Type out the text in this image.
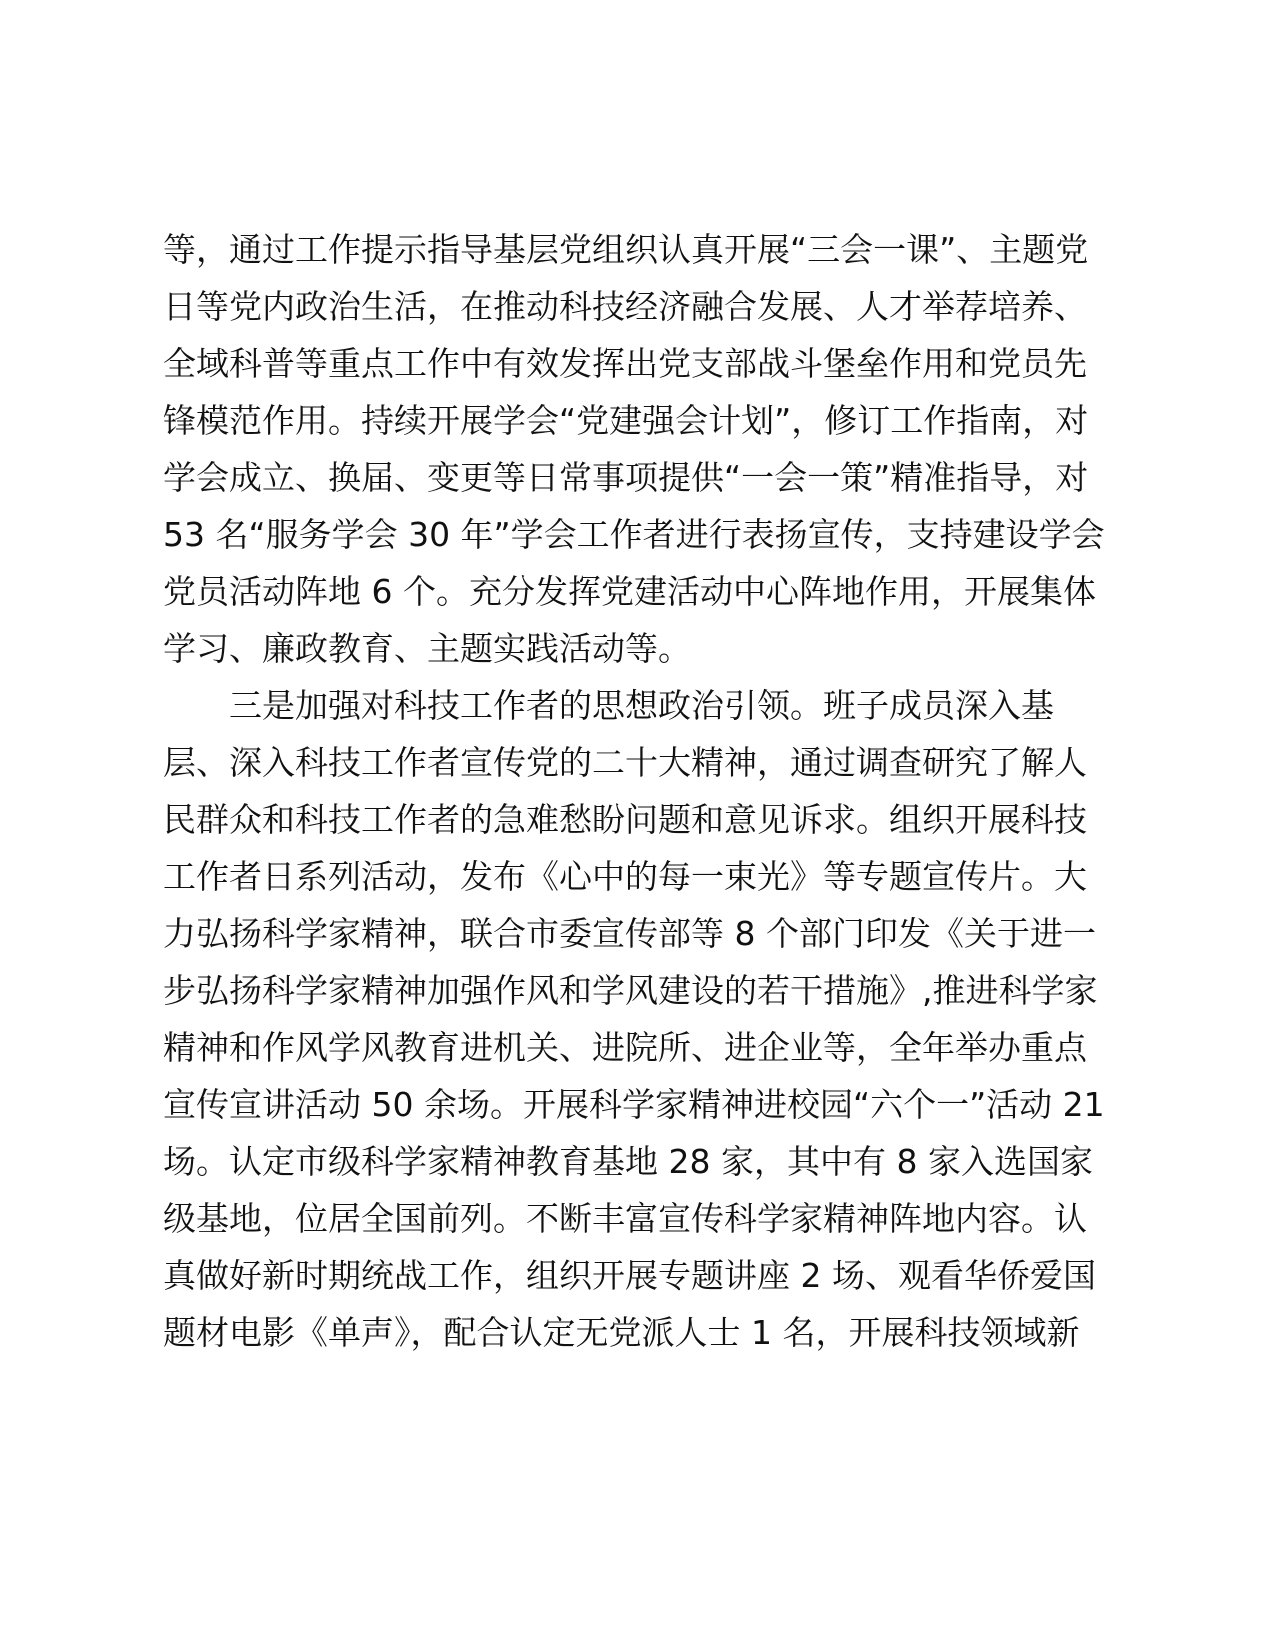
等，通过工作提示指导基层党组织认真开展“三会一课”、主题党
日等党内政治生活，在推动科技经济融合发展、人才举荐培养、
全域科普等重点工作中有效发挥出党支部战斗堡垒作用和党员先
锋模范作用。持续开展学会“党建强会计划”，修订工作指南，对
学会成立、换届、变更等日常事项提供“一会一策”精准指导，对
53 名“服务学会 30 年”学会工作者进行表扬宣传，支持建设学会
党员活动阵地 6 个。充分发挥党建活动中心阵地作用，开展集体
学习、廉政教育、主题实践活动等。
三是加强对科技工作者的思想政治引领。班子成员深入基
层、深入科技工作者宣传党的二十大精神，通过调查研究了解人
民群众和科技工作者的急难愁盼问题和意见诉求。组织开展科技
工作者日系列活动，发布《心中的每一束光》等专题宣传片。大
力弘扬科学家精神，联合市委宣传部等 8 个部门印发《关于进一
步弘扬科学家精神加强作风和学风建设的若干措施》,推进科学家
精神和作风学风教育进机关、进院所、进企业等，全年举办重点
宣传宣讲活动 50 余场。开展科学家精神进校园“六个一”活动 21
场。认定市级科学家精神教育基地 28 家，其中有 8 家入选国家
级基地，位居全国前列。不断丰富宣传科学家精神阵地内容。认
真做好新时期统战工作，组织开展专题讲座 2 场、观看华侨爱国
题材电影《单声》，配合认定无党派人士 1 名，开展科技领域新
